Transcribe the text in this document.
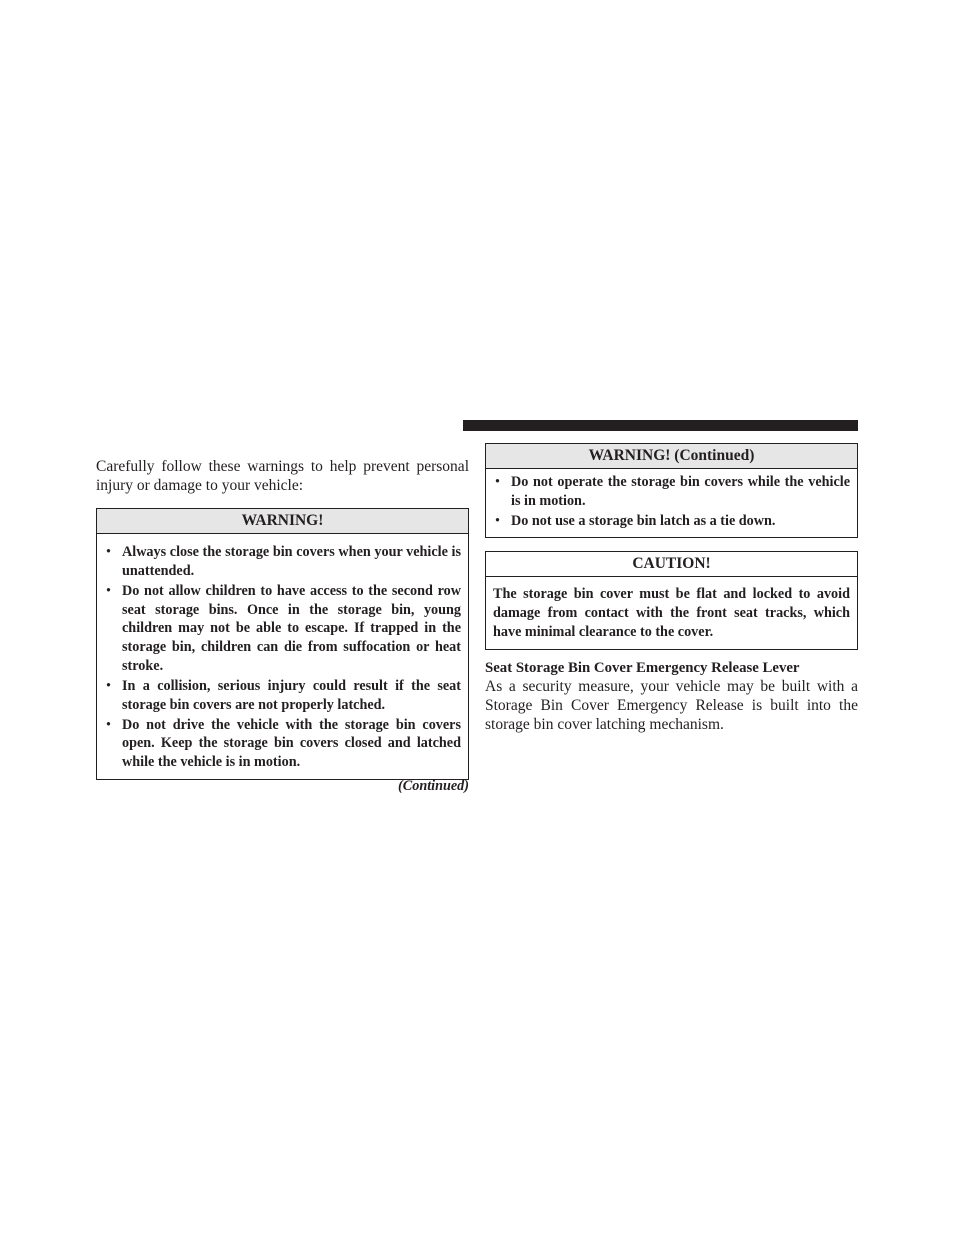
Carefully follow these warnings to help prevent personal injury or damage to your vehicle:

WARNING!
• Always close the storage bin covers when your vehicle is unattended.
• Do not allow children to have access to the second row seat storage bins. Once in the storage bin, young children may not be able to escape. If trapped in the storage bin, children can die from suffocation or heat stroke.
• In a collision, serious injury could result if the seat storage bin covers are not properly latched.
• Do not drive the vehicle with the storage bin covers open. Keep the storage bin covers closed and latched while the vehicle is in motion.
(Continued)
WARNING! (Continued)
• Do not operate the storage bin covers while the vehicle is in motion.
• Do not use a storage bin latch as a tie down.
CAUTION!
The storage bin cover must be flat and locked to avoid damage from contact with the front seat tracks, which have minimal clearance to the cover.
Seat Storage Bin Cover Emergency Release Lever
As a security measure, your vehicle may be built with a Storage Bin Cover Emergency Release is built into the storage bin cover latching mechanism.
